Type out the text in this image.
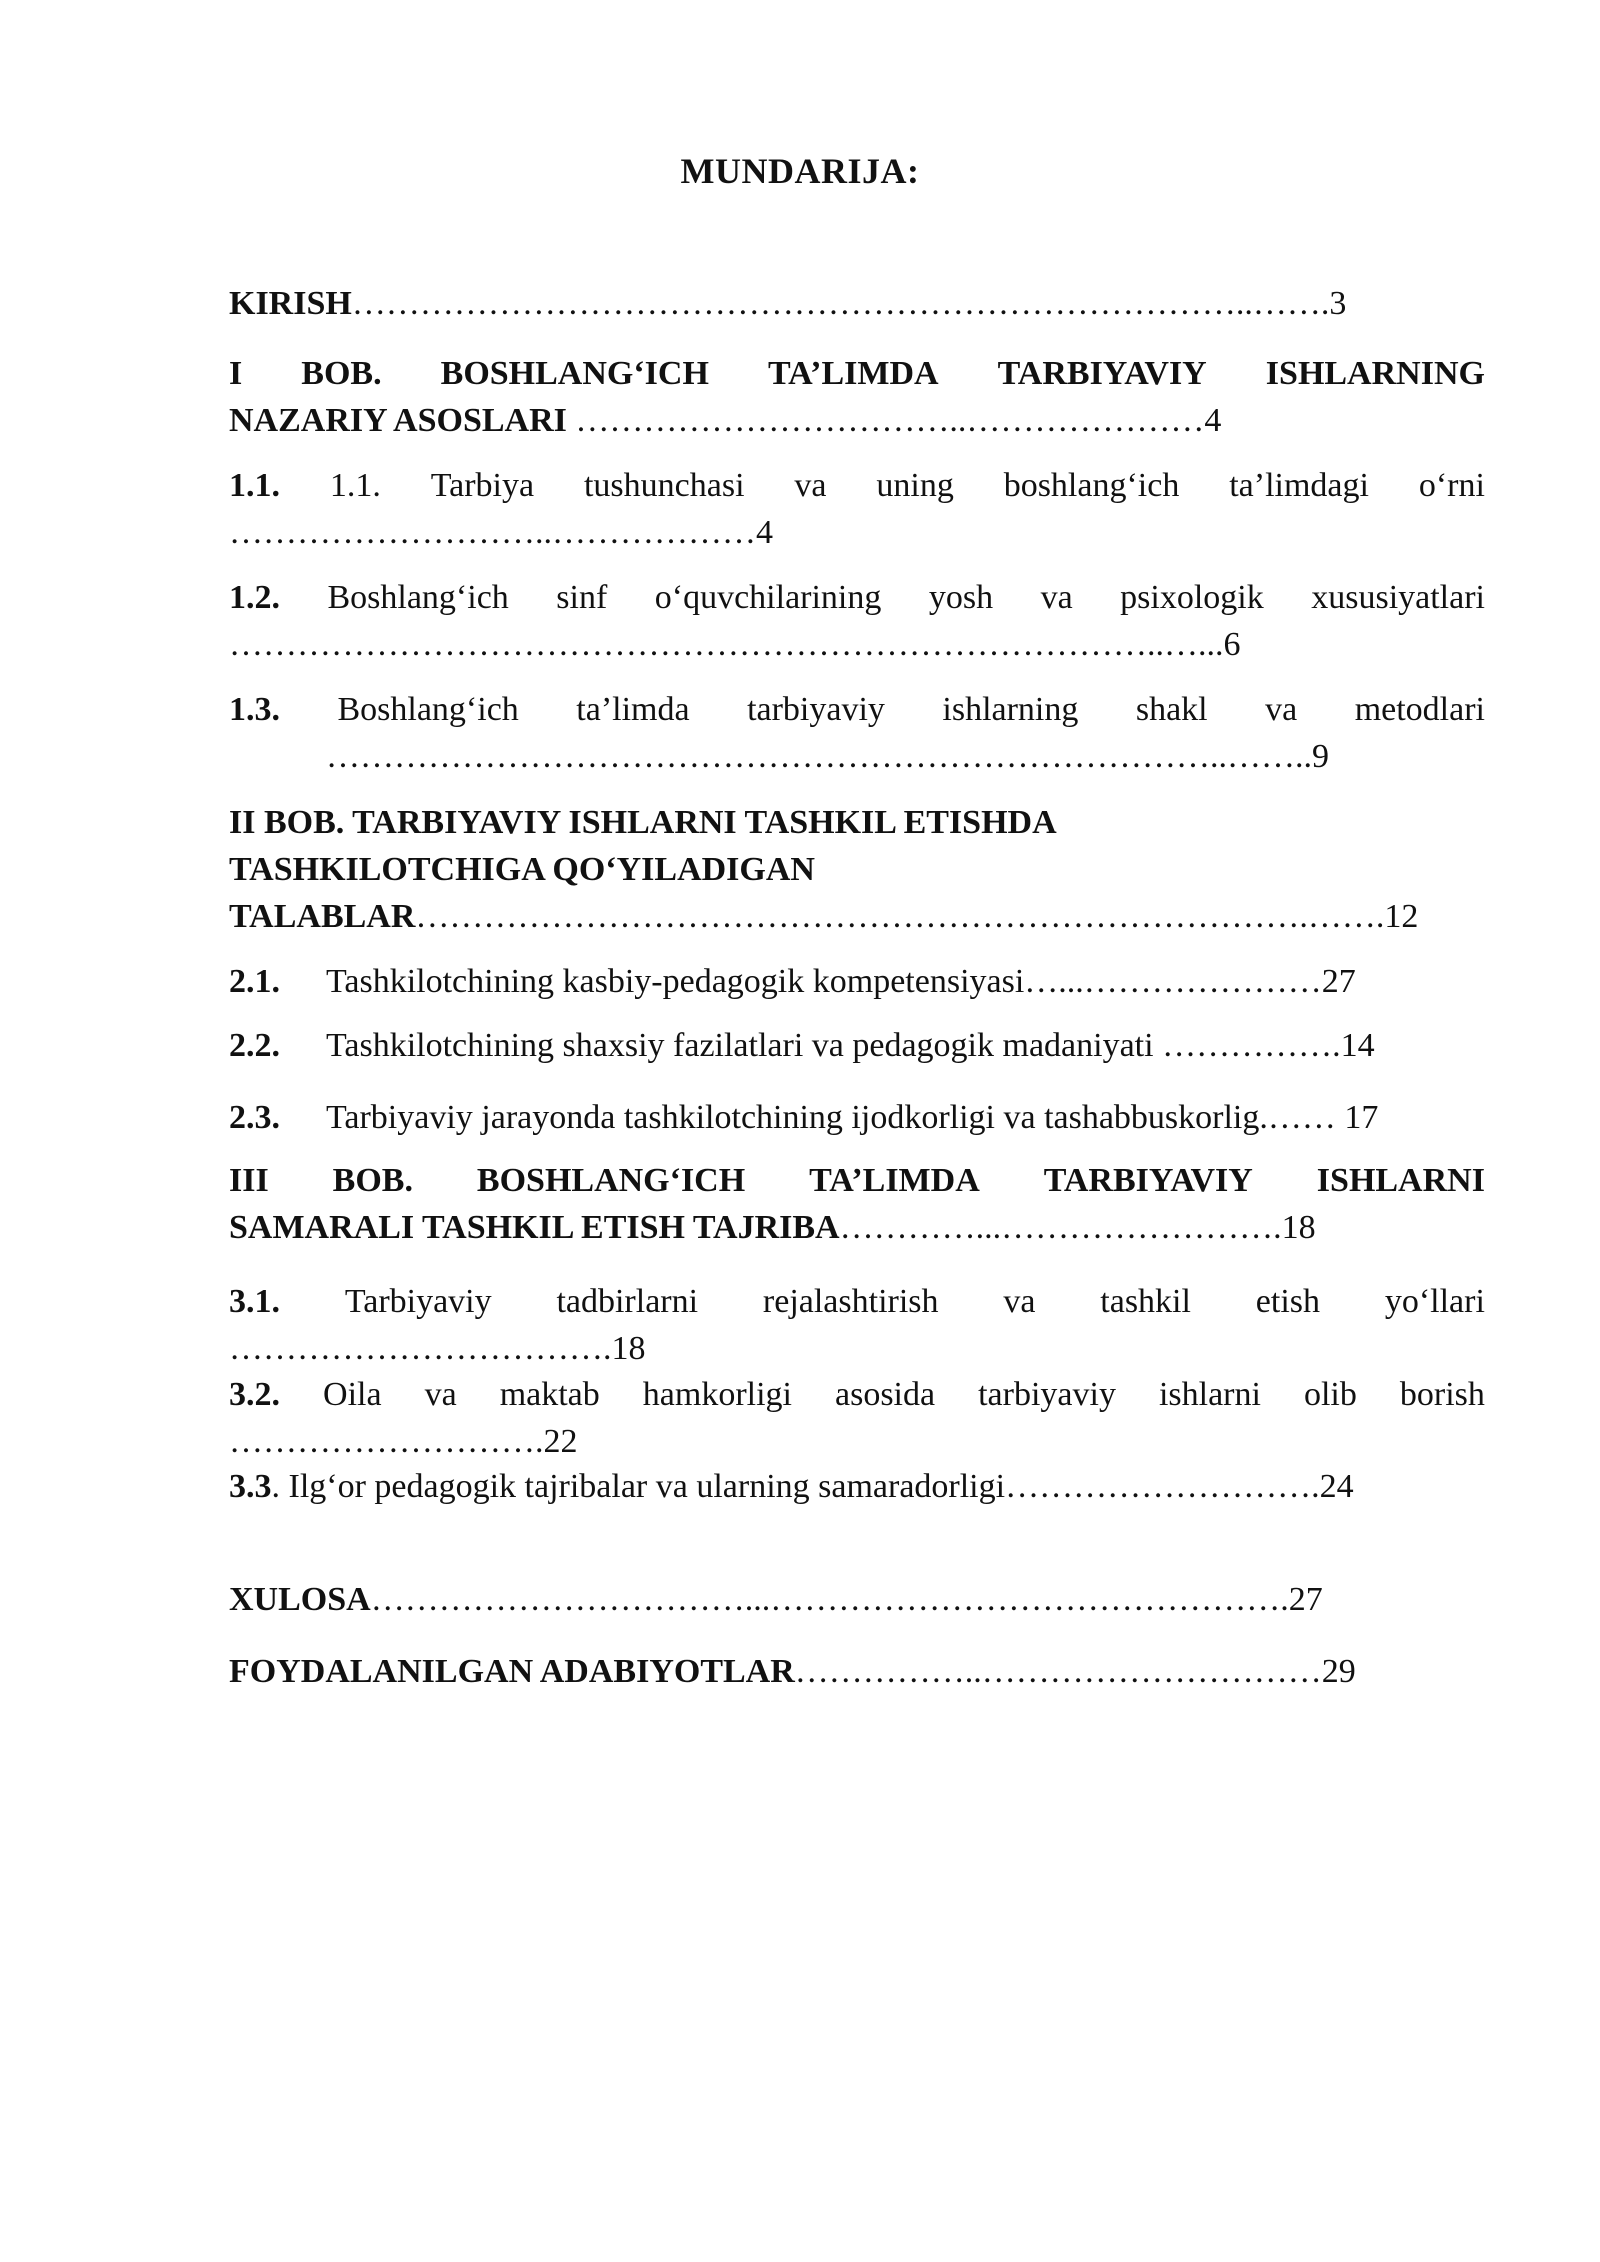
MUNDARIJA:
KIRISH……………………………………………………………………..…….3
I BOB. BOSHLANG‘ICH TA’LIMDA TARBIYAVIY ISHLARNING
NAZARIY ASOSLARI ……………………………..…………………4
1.1. 1.1. Tarbiya tushunchasi va uning boshlang‘ich ta’limdagi o‘rni
………………………..………………4
1.2. Boshlang‘ich sinf o‘quvchilarining yosh va psixologik xususiyatlari
………………………………………………………………………..…...6
1.3. Boshlang‘ich ta’limda tarbiyaviy ishlarning shakl va metodlari
……………………………………………………………………..……..9
II BOB. TARBIYAVIY ISHLARNI TASHKIL ETISHDA
TASHKILOTCHIGA QO‘YILADIGAN
TALABLAR…………………………………………………………………….…….12
2.1. Tashkilotchining kasbiy-pedagogik kompetensiyasi…...…………………27
2.2. Tashkilotchining shaxsiy fazilatlari va pedagogik madaniyati …………….14
2.3. Tarbiyaviy jarayonda tashkilotchining ijodkorligi va tashabbuskorlig.…… 17
III BOB. BOSHLANG‘ICH TA’LIMDA TARBIYAVIY ISHLARNI
SAMARALI TASHKIL ETISH TAJRIBA…………...…………………….18
3.1. Tarbiyaviy tadbirlarni rejalashtirish va tashkil etish yo‘llari
…………………………….18
3.2. Oila va maktab hamkorligi asosida tarbiyaviy ishlarni olib borish
……………………….22
3.3. Ilg‘or pedagogik tajribalar va ularning samaradorligi……………………….24
XULOSA……………………………...……………………………………….27
FOYDALANILGAN ADABIYOTLAR……………..…………………………29
